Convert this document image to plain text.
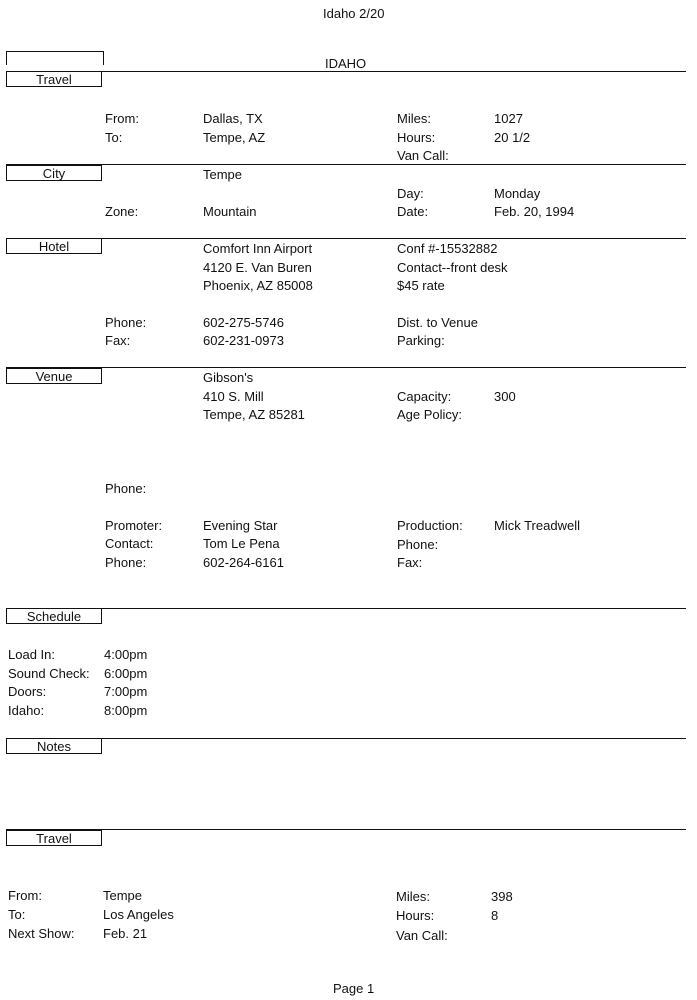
Idaho 2/20
IDAHO
Travel
From:	Dallas, TX
To:	Tempe, AZ
Miles:	1027
Hours:	20 1/2
Van Call:
City	Tempe
Day:	Monday
Zone:	Mountain	Date:	Feb. 20, 1994
Hotel	Comfort Inn Airport
4120 E. Van Buren
Phoenix, AZ 85008
Conf #-15532882
Contact--front desk
$45 rate
Phone:	602-275-5746
Fax:	602-231-0973
Dist. to Venue
Parking:
Venue	Gibson's
410 S. Mill
Tempe, AZ 85281
Capacity:	300
Age Policy:
Phone:
Promoter:	Evening Star
Contact:	Tom Le Pena
Phone:	602-264-6161
Production: Mick Treadwell
Phone:
Fax:
Schedule
Load In:	4:00pm
Sound Check: 6:00pm
Doors:	7:00pm
Idaho:	8:00pm
Notes
Travel
From:	Tempe
To:	Los Angeles
Next Show: Feb. 21
Miles:	398
Hours:	8
Van Call:
Page 1
